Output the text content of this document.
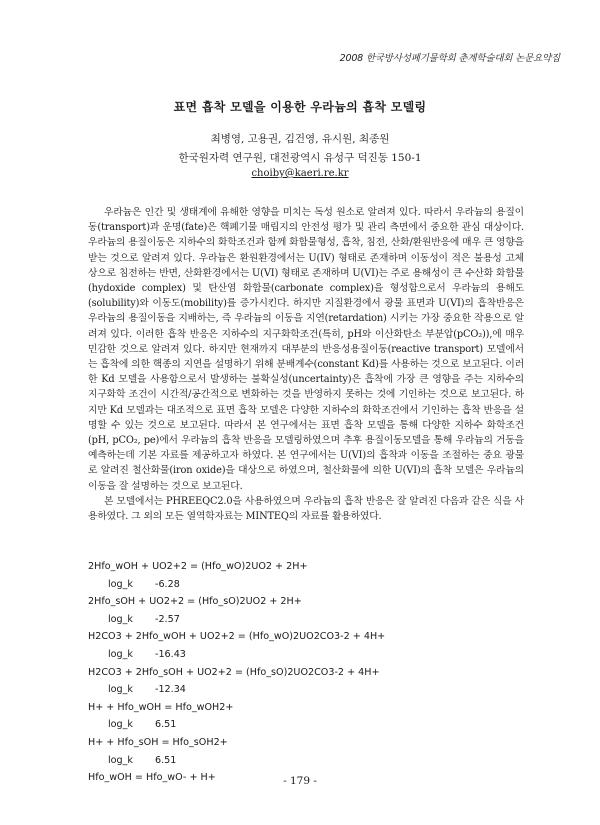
2008 한국방사성폐기물학회 춘계학술대회 논문요약집
표면 흡착 모델을 이용한 우라늄의 흡착 모델링
최병영, 고용권, 김건영, 유시원, 최종원
한국원자력 연구원, 대전광역시 유성구 덕진동 150-1
choiby@kaeri.re.kr

우라늄은 인간 및 생태계에 유해한 영향을 미치는 독성 원소로 알려져 있다. 따라서 우라늄의 용질이동(transport)과 운명(fate)은 핵폐기물 매립지의 안전성 평가 및 관리 측면에서 중요한 관심 대상이다. 우라늄의 용질이동은 지하수의 화학조건과 함께 화합물형성, 흡착, 침전, 산화/환원반응에 매우 큰 영향을 받는 것으로 알려져 있다. 우라늄은 환원환경에서는 U(IV) 형태로 존재하며 이동성이 적은 불용성 고체상으로 침전하는 반면, 산화환경에서는 U(VI) 형태로 존재하며 U(VI)는 주로 용해성이 큰 수산화 화합물(hydoxide complex) 및 탄산염 화합물(carbonate complex)을 형성함으로서 우라늄의 용해도(solubility)와 이동도(mobility)를 증가시킨다. 하지만 지질환경에서 광물 표면과 U(VI)의 흡착반응은 우라늄의 용질이동을 지배하는, 즉 우라늄의 이동을 지연(retardation) 시키는 가장 중요한 작용으로 알려져 있다. 이러한 흡착 반응은 지하수의 지구화학조건(특히, pH와 이산화탄소 부분압(pCO₂)),에 매우 민감한 것으로 알려져 있다. 하지만 현재까지 대부분의 반응성용질이동(reactive transport) 모델에서는 흡착에 의한 핵종의 지연을 설명하기 위해 분배계수(constant Kd)를 사용하는 것으로 보고된다. 이러한 Kd 모델을 사용함으로서 발생하는 불확실성(uncertainty)은 흡착에 가장 큰 영향을 주는 지하수의 지구화학 조건이 시간적/공간적으로 변화하는 것을 반영하지 못하는 것에 기인하는 것으로 보고된다. 하지만 Kd 모델과는 대조적으로 표면 흡착 모델은 다양한 지하수의 화학조건에서 기인하는 흡착 반응을 설명할 수 있는 것으로 보고된다. 따라서 본 연구에서는 표면 흡착 모델을 통해 다양한 지하수 화학조건(pH, pCO₂, pe)에서 우라늄의 흡착 반응을 모델링하였으며 추후 용질이동모델을 통해 우라늄의 거동을 예측하는데 기본 자료를 제공하고자 하였다. 본 연구에서는 U(VI)의 흡착과 이동을 조절하는 중요 광물로 알려진 철산화물(iron oxide)을 대상으로 하였으며, 철산화물에 의한 U(VI)의 흡착 모델은 우라늄의 이동을 잘 설명하는 것으로 보고된다.

본 모델에서는 PHREEQC2.0을 사용하였으며 우라늄의 흡착 반응은 잘 알려진 다음과 같은 식을 사용하였다. 그 외의 모든 열역학자료는 MINTEQ의 자료를 활용하였다.

2Hfo_wOH + UO2+2 = (Hfo_wO)2UO2 + 2H+
log_k -6.28
2Hfo_sOH + UO2+2 = (Hfo_sO)2UO2 + 2H+
log_k -2.57
H2CO3 + 2Hfo_wOH + UO2+2 = (Hfo_wO)2UO2CO3-2 + 4H+
log_k -16.43
H2CO3 + 2Hfo_sOH + UO2+2 = (Hfo_sO)2UO2CO3-2 + 4H+
log_k -12.34
H+ + Hfo_wOH = Hfo_wOH2+
log_k 6.51
H+ + Hfo_sOH = Hfo_sOH2+
log_k 6.51
Hfo_wOH = Hfo_wO- + H+	- 179 -
